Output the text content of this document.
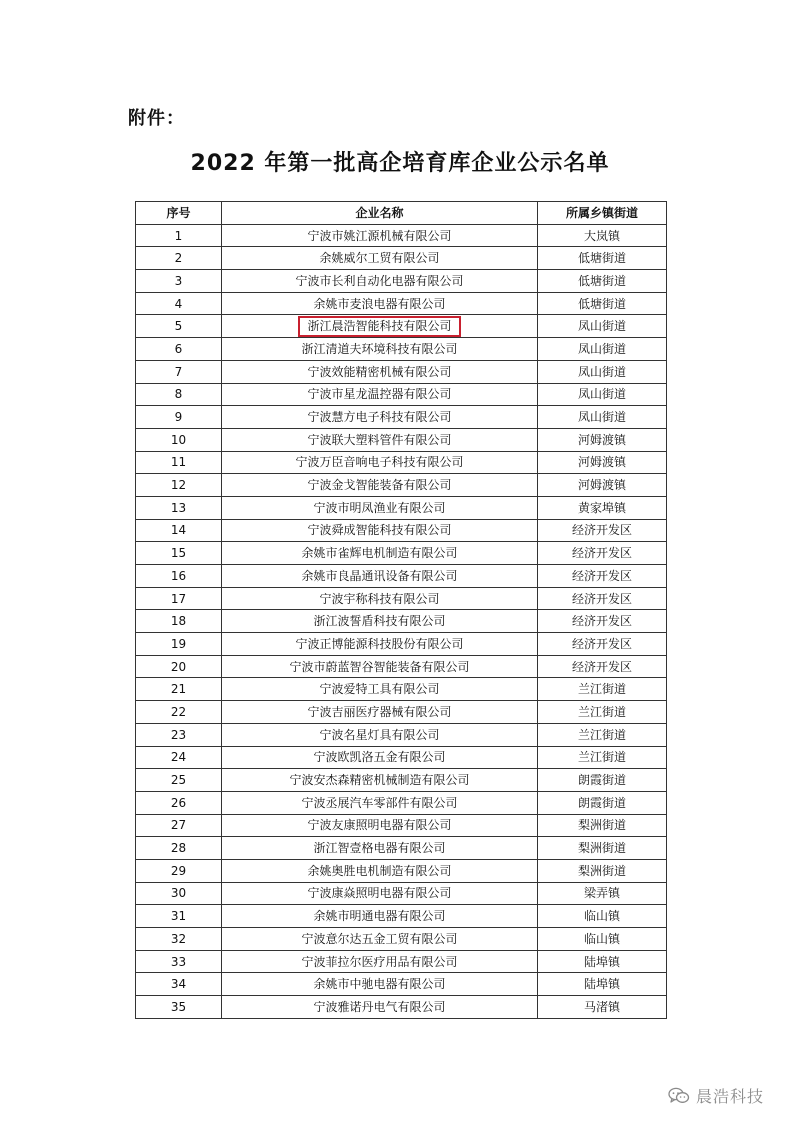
附件：
2022 年第一批高企培育库企业公示名单
序号	企业名称	所属乡镇街道
1	宁波市姚江源机械有限公司	大岚镇
2	余姚威尔工贸有限公司	低塘街道
3	宁波市长利自动化电器有限公司	低塘街道
4	余姚市麦浪电器有限公司	低塘街道
5	浙江晨浩智能科技有限公司	凤山街道
6	浙江清道夫环境科技有限公司	凤山街道
7	宁波效能精密机械有限公司	凤山街道
8	宁波市星龙温控器有限公司	凤山街道
9	宁波慧方电子科技有限公司	凤山街道
10	宁波联大塑料管件有限公司	河姆渡镇
11	宁波万臣音响电子科技有限公司	河姆渡镇
12	宁波金戈智能装备有限公司	河姆渡镇
13	宁波市明凤渔业有限公司	黄家埠镇
14	宁波舜成智能科技有限公司	经济开发区
15	余姚市雀辉电机制造有限公司	经济开发区
16	余姚市良晶通讯设备有限公司	经济开发区
17	宁波宇称科技有限公司	经济开发区
18	浙江波誓盾科技有限公司	经济开发区
19	宁波正博能源科技股份有限公司	经济开发区
20	宁波市蔚蓝智谷智能装备有限公司	经济开发区
21	宁波爱特工具有限公司	兰江街道
22	宁波吉丽医疗器械有限公司	兰江街道
23	宁波名星灯具有限公司	兰江街道
24	宁波欧凯洛五金有限公司	兰江街道
25	宁波安杰森精密机械制造有限公司	朗霞街道
26	宁波丞展汽车零部件有限公司	朗霞街道
27	宁波友康照明电器有限公司	梨洲街道
28	浙江智壹格电器有限公司	梨洲街道
29	余姚奥胜电机制造有限公司	梨洲街道
30	宁波康焱照明电器有限公司	梁弄镇
31	余姚市明通电器有限公司	临山镇
32	宁波意尔达五金工贸有限公司	临山镇
33	宁波菲拉尔医疗用品有限公司	陆埠镇
34	余姚市中驰电器有限公司	陆埠镇
35	宁波雅诺丹电气有限公司	马渚镇
晨浩科技
